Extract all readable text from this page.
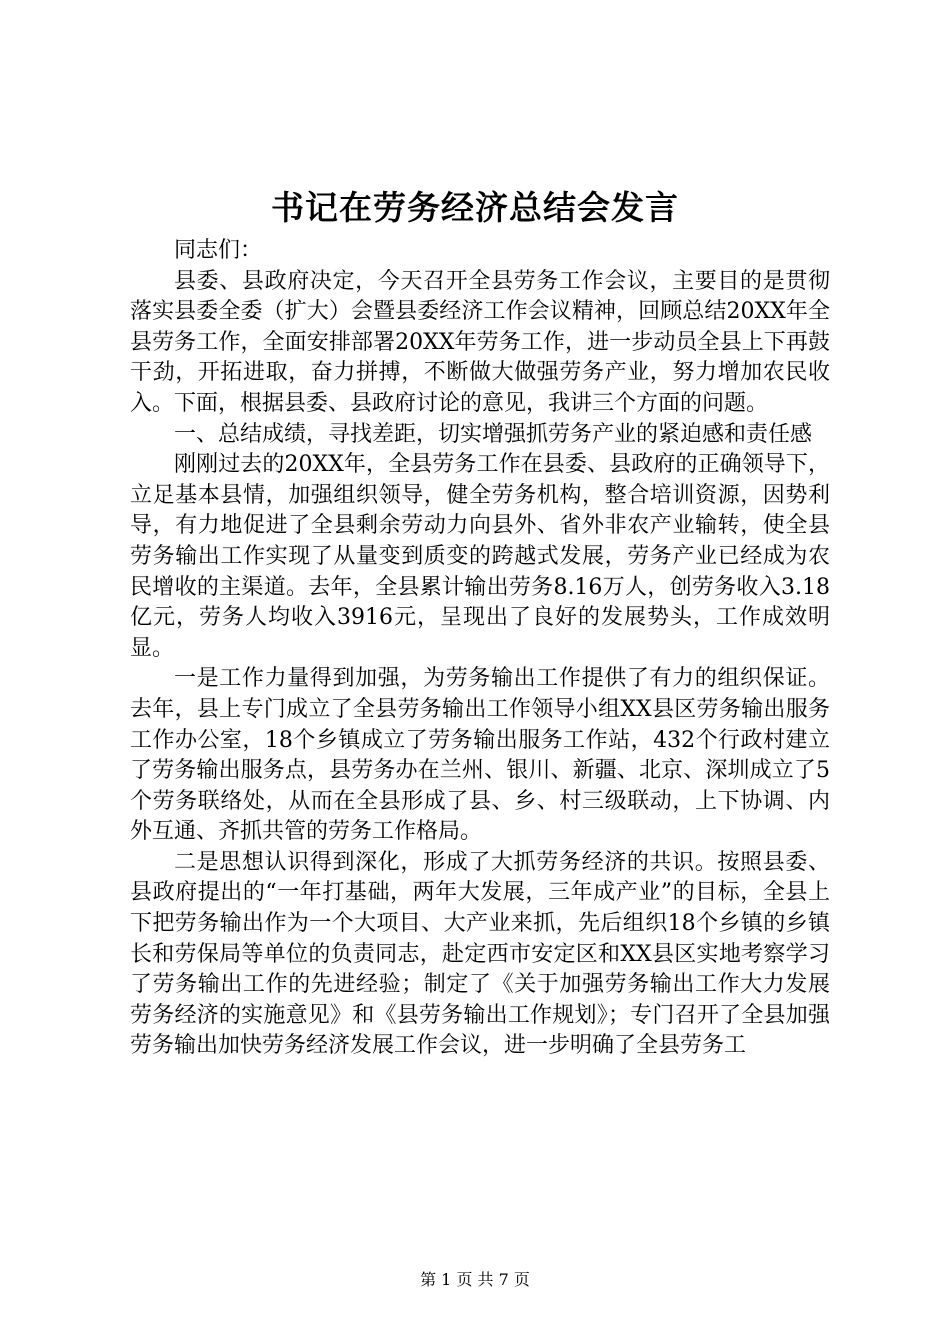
书记在劳务经济总结会发言

同志们：

县委、县政府决定，今天召开全县劳务工作会议，主要目的是贯彻落实县委全委（扩大）会暨县委经济工作会议精神，回顾总结20XX年全县劳务工作，全面安排部署20XX年劳务工作，进一步动员全县上下再鼓干劲，开拓进取，奋力拼搏，不断做大做强劳务产业，努力增加农民收入。下面，根据县委、县政府讨论的意见，我讲三个方面的问题。

一、总结成绩，寻找差距，切实增强抓劳务产业的紧迫感和责任感

刚刚过去的20XX年，全县劳务工作在县委、县政府的正确领导下，立足基本县情，加强组织领导，健全劳务机构，整合培训资源，因势利导，有力地促进了全县剩余劳动力向县外、省外非农产业输转，使全县劳务输出工作实现了从量变到质变的跨越式发展，劳务产业已经成为农民增收的主渠道。去年，全县累计输出劳务8.16万人，创劳务收入3.18亿元，劳务人均收入3916元，呈现出了良好的发展势头，工作成效明显。

一是工作力量得到加强，为劳务输出工作提供了有力的组织保证。去年，县上专门成立了全县劳务输出工作领导小组XX县区劳务输出服务工作办公室，18个乡镇成立了劳务输出服务工作站，432个行政村建立了劳务输出服务点，县劳务办在兰州、银川、新疆、北京、深圳成立了5个劳务联络处，从而在全县形成了县、乡、村三级联动，上下协调、内外互通、齐抓共管的劳务工作格局。

二是思想认识得到深化，形成了大抓劳务经济的共识。按照县委、县政府提出的“一年打基础，两年大发展，三年成产业”的目标，全县上下把劳务输出作为一个大项目、大产业来抓，先后组织18个乡镇的乡镇长和劳保局等单位的负责同志，赴定西市安定区和XX县区实地考察学习了劳务输出工作的先进经验；制定了《关于加强劳务输出工作大力发展劳务经济的实施意见》和《县劳务输出工作规划》；专门召开了全县加强劳务输出加快劳务经济发展工作会议，进一步明确了全县劳务工

第 1 页 共 7 页
